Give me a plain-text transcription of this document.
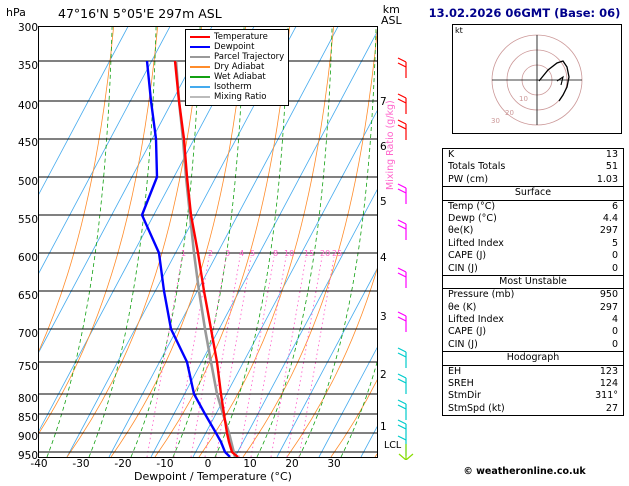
hPa	47°16'N 5°05'E 297m ASL	km
ASL
300
350
400
450
500
550
600
650
700
750
800
850
900
950
7
6
5
4
3
2
1
LCL
Mixing Ratio (g/kg)
-40	-30	-20	-10	0	10	20	30
Dewpoint / Temperature (°C)
1	2 3 4 5 8 10 15 20 25
Temperature
Dewpoint
Parcel Trajectory
Dry Adiabat
Wet Adiabat
Isotherm
Mixing Ratio
13.02.2026 06GMT (Base: 06)
kt
10
20
30
K	13
Totals Totals	51
PW (cm)	1.03
Surface
Temp (°C)	6
Dewp (°C)	4.4
θe(K)	297
Lifted Index	5
CAPE (J)	0
CIN (J)	0
Most Unstable
Pressure (mb)	950
θe (K)	297
Lifted Index	4
CAPE (J)	0
CIN (J)	0
Hodograph
EH	123
SREH	124
StmDir	311°
StmSpd (kt)	27
© weatheronline.co.uk
